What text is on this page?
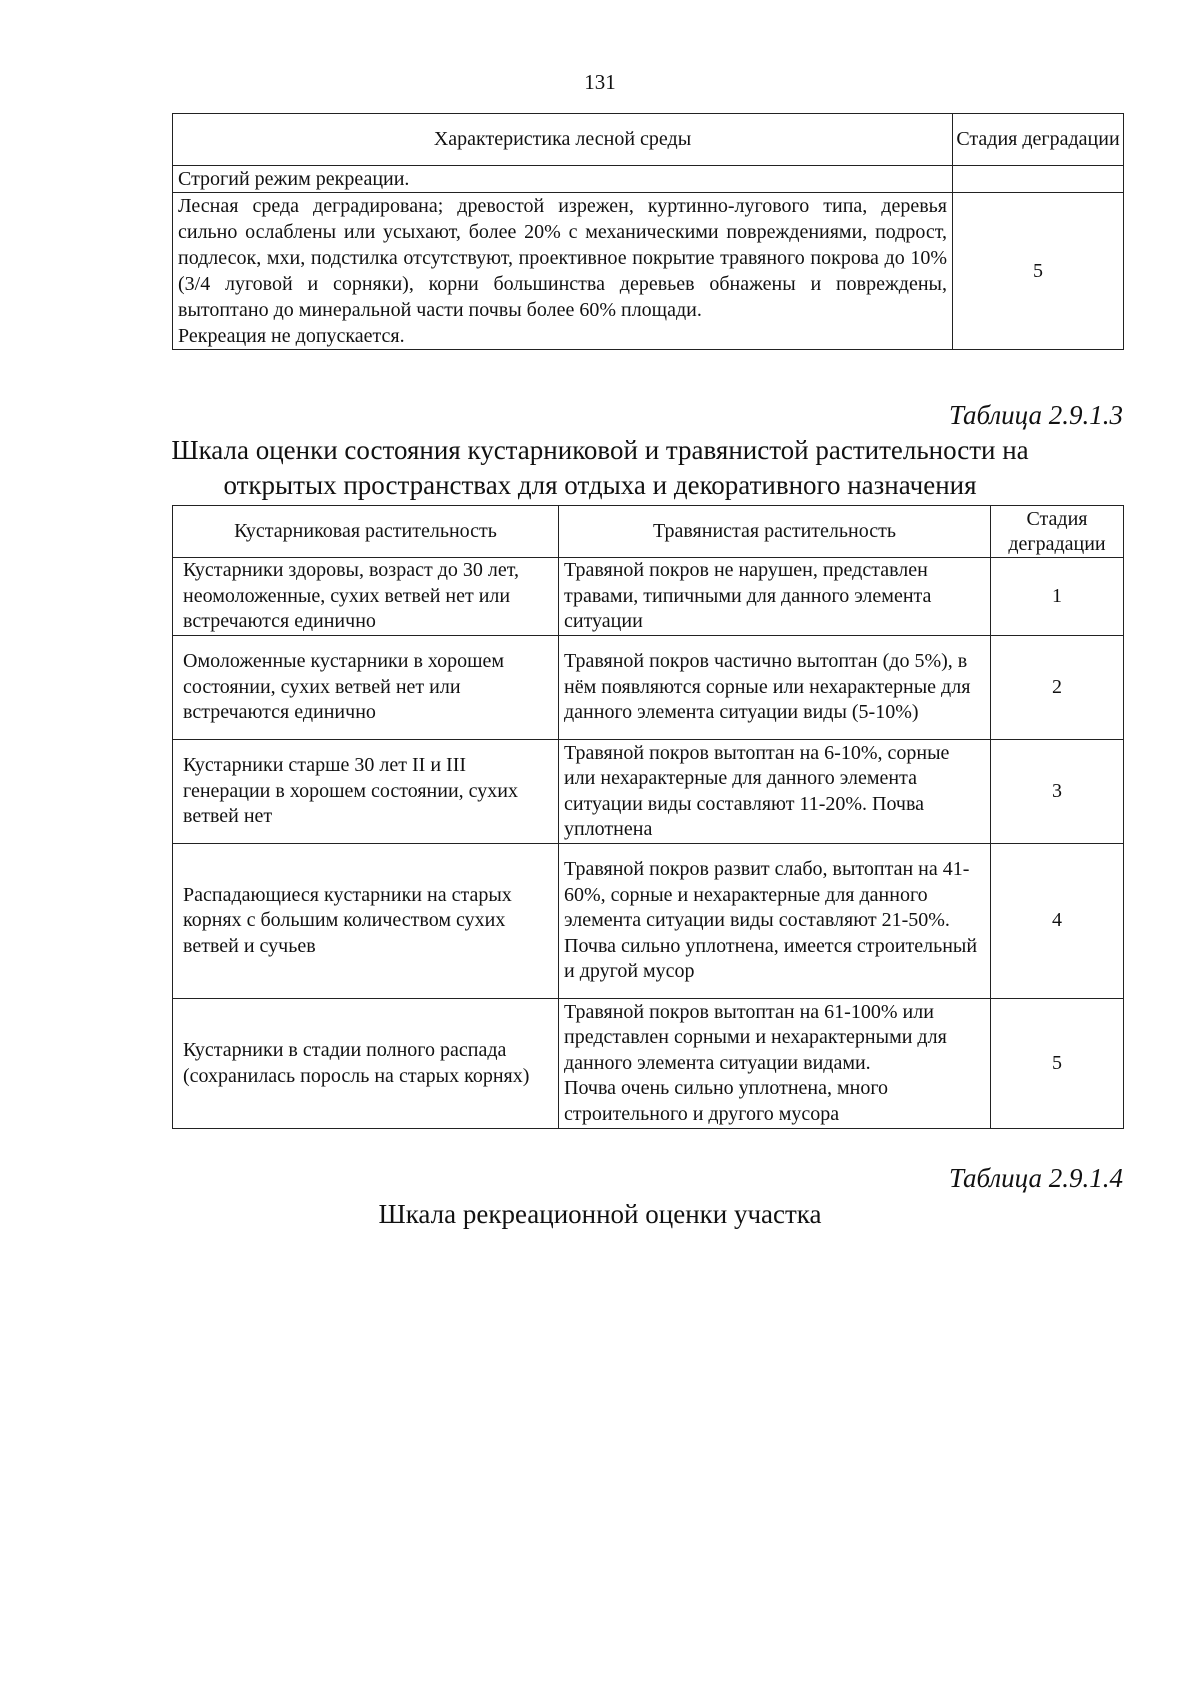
131
Характеристика лесной среды	Стадия деградации
Строгий режим рекреации.	

Лесная среда деградирована; древостой изрежен, куртинно-лугового типа, деревья сильно ослаблены или усыхают, более 20% с механическими повреждениями, подрост, подлесок, мхи, подстилка отсутствуют, проективное покрытие травяного покрова до 10% (3/4 луговой и сорняки), корни большинства деревьев обнажены и повреждены, вытоптано до минеральной части почвы более 60% площади.
Рекреация не допускается.	5
Таблица 2.9.1.3
Шкала оценки состояния кустарниковой и травянистой растительности на
открытых пространствах для отдыха и декоративного назначения
Кустарниковая растительность	Травянистая растительность	Стадия деградации
Кустарники здоровы, возраст до 30 лет, неомоложенные, сухих ветвей нет или встречаются единично	Травяной покров не нарушен, представлен травами, типичными для данного элемента ситуации	1
Омоложенные кустарники в хорошем состоянии, сухих ветвей нет или встречаются единично	Травяной покров частично вытоптан (до 5%), в нём появляются сорные или нехарактерные для данного элемента ситуации виды (5-10%)	2
Кустарники старше 30 лет II и III генерации в хорошем состоянии, сухих ветвей нет	Травяной покров вытоптан на 6-10%, сорные или нехарактерные для данного элемента ситуации виды составляют 11-20%. Почва уплотнена	3
Распадающиеся кустарники на старых корнях с большим количеством сухих ветвей и сучьев	Травяной покров развит слабо, вытоптан на 41-60%, сорные и нехарактерные для данного элемента ситуации виды составляют 21-50%.
Почва сильно уплотнена, имеется строительный и другой мусор	4
Кустарники в стадии полного распада (сохранилась поросль на старых корнях)	Травяной покров вытоптан на 61-100% или представлен сорными и нехарактерными для данного элемента ситуации видами.
Почва очень сильно уплотнена, много строительного и другого мусора	5
Таблица 2.9.1.4
Шкала рекреационной оценки участка
